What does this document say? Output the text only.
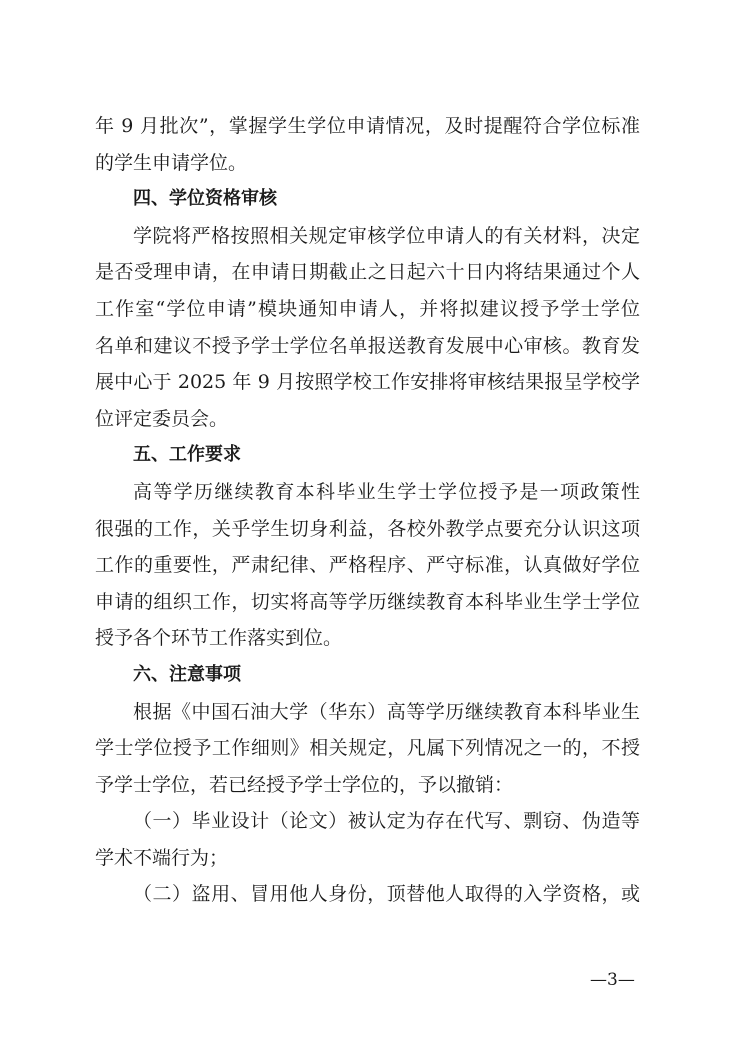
年 9 月批次”，掌握学生学位申请情况，及时提醒符合学位标准
的学生申请学位。
四、学位资格审核
学院将严格按照相关规定审核学位申请人的有关材料，决定
是否受理申请，在申请日期截止之日起六十日内将结果通过个人
工作室“学位申请”模块通知申请人，并将拟建议授予学士学位
名单和建议不授予学士学位名单报送教育发展中心审核。教育发
展中心于 2025 年 9 月按照学校工作安排将审核结果报呈学校学
位评定委员会。
五、工作要求
高等学历继续教育本科毕业生学士学位授予是一项政策性
很强的工作，关乎学生切身利益，各校外教学点要充分认识这项
工作的重要性，严肃纪律、严格程序、严守标准，认真做好学位
申请的组织工作，切实将高等学历继续教育本科毕业生学士学位
授予各个环节工作落实到位。
六、注意事项
根据《中国石油大学（华东）高等学历继续教育本科毕业生
学士学位授予工作细则》相关规定，凡属下列情况之一的，不授
予学士学位，若已经授予学士学位的，予以撤销：
（一）毕业设计（论文）被认定为存在代写、剽窃、伪造等
学术不端行为；
（二）盗用、冒用他人身份，顶替他人取得的入学资格，或
—3—
